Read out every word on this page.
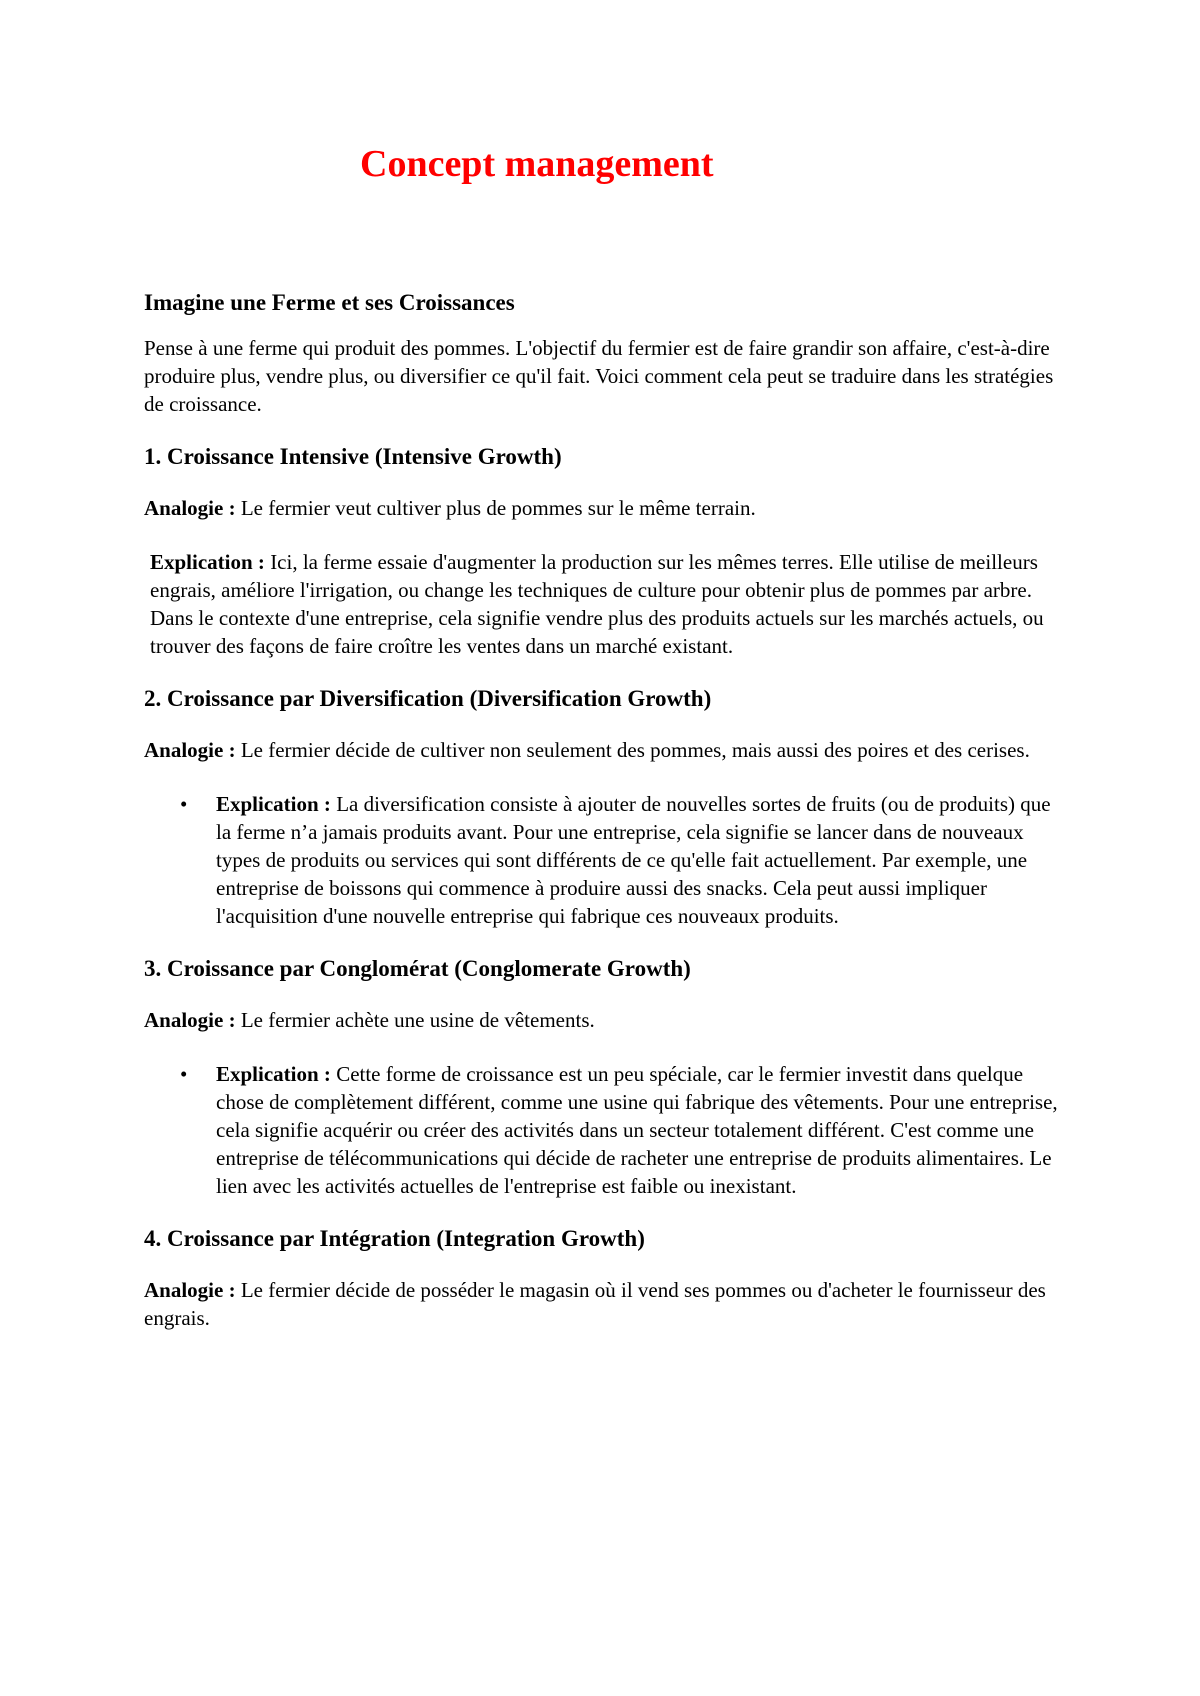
Concept management
Imagine une Ferme et ses Croissances

Pense à une ferme qui produit des pommes. L'objectif du fermier est de faire grandir son affaire, c'est-à-dire produire plus, vendre plus, ou diversifier ce qu'il fait. Voici comment cela peut se traduire dans les stratégies de croissance.

1. Croissance Intensive (Intensive Growth)

Analogie : Le fermier veut cultiver plus de pommes sur le même terrain.

Explication : Ici, la ferme essaie d'augmenter la production sur les mêmes terres. Elle utilise de meilleurs engrais, améliore l'irrigation, ou change les techniques de culture pour obtenir plus de pommes par arbre. Dans le contexte d'une entreprise, cela signifie vendre plus des produits actuels sur les marchés actuels, ou trouver des façons de faire croître les ventes dans un marché existant.

2. Croissance par Diversification (Diversification Growth)

Analogie : Le fermier décide de cultiver non seulement des pommes, mais aussi des poires et des cerises.

• Explication : La diversification consiste à ajouter de nouvelles sortes de fruits (ou de produits) que la ferme n’a jamais produits avant. Pour une entreprise, cela signifie se lancer dans de nouveaux types de produits ou services qui sont différents de ce qu'elle fait actuellement. Par exemple, une entreprise de boissons qui commence à produire aussi des snacks. Cela peut aussi impliquer l'acquisition d'une nouvelle entreprise qui fabrique ces nouveaux produits.
3. Croissance par Conglomérat (Conglomerate Growth)

Analogie : Le fermier achète une usine de vêtements.

• Explication : Cette forme de croissance est un peu spéciale, car le fermier investit dans quelque chose de complètement différent, comme une usine qui fabrique des vêtements. Pour une entreprise, cela signifie acquérir ou créer des activités dans un secteur totalement différent. C'est comme une entreprise de télécommunications qui décide de racheter une entreprise de produits alimentaires. Le lien avec les activités actuelles de l'entreprise est faible ou inexistant.
4. Croissance par Intégration (Integration Growth)

Analogie : Le fermier décide de posséder le magasin où il vend ses pommes ou d'acheter le fournisseur des engrais.
